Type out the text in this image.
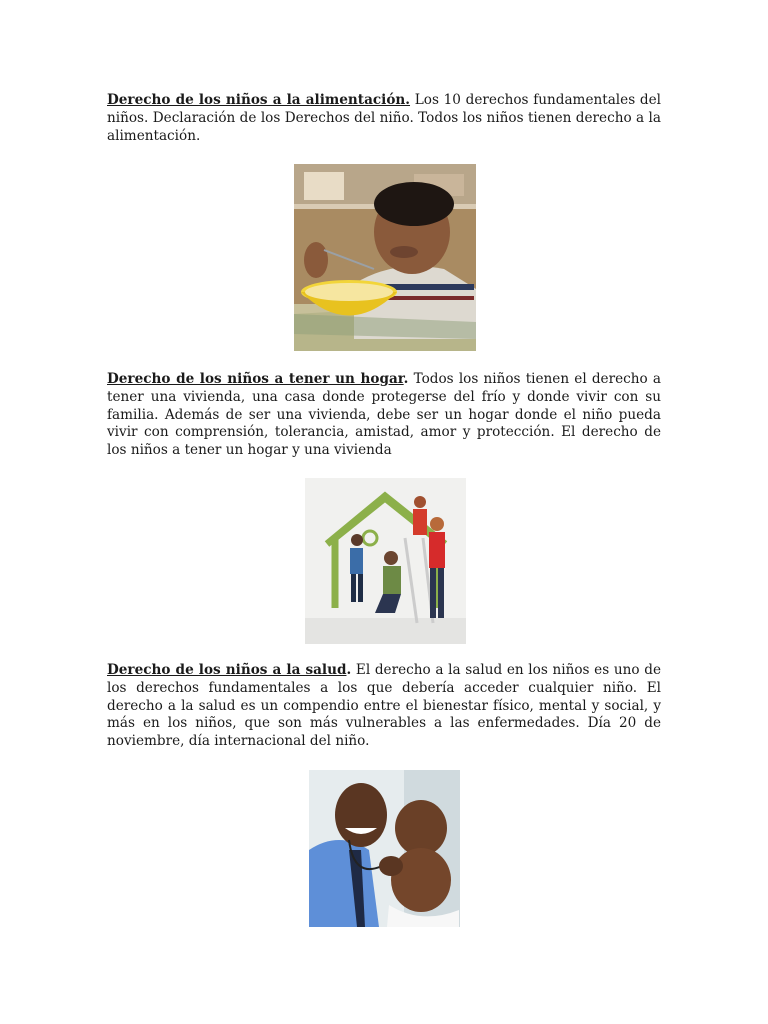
Derecho de los niños a la alimentación. Los 10 derechos fundamentales del niños. Declaración de los Derechos del niño. Todos los niños tienen derecho a la alimentación.

Derecho de los niños a tener un hogar. Todos los niños tienen el derecho a tener una vivienda, una casa donde protegerse del frío y donde vivir con su familia. Además de ser una vivienda, debe ser un hogar donde el niño pueda vivir con comprensión, tolerancia, amistad, amor y protección. El derecho de los niños a tener un hogar y una vivienda

Derecho de los niños a la salud. El derecho a la salud en los niños es uno de los derechos fundamentales a los que debería acceder cualquier niño. El derecho a la salud es un compendio entre el bienestar físico, mental y social, y más en los niños, que son más vulnerables a las enfermedades. Día 20 de noviembre, día internacional del niño.
